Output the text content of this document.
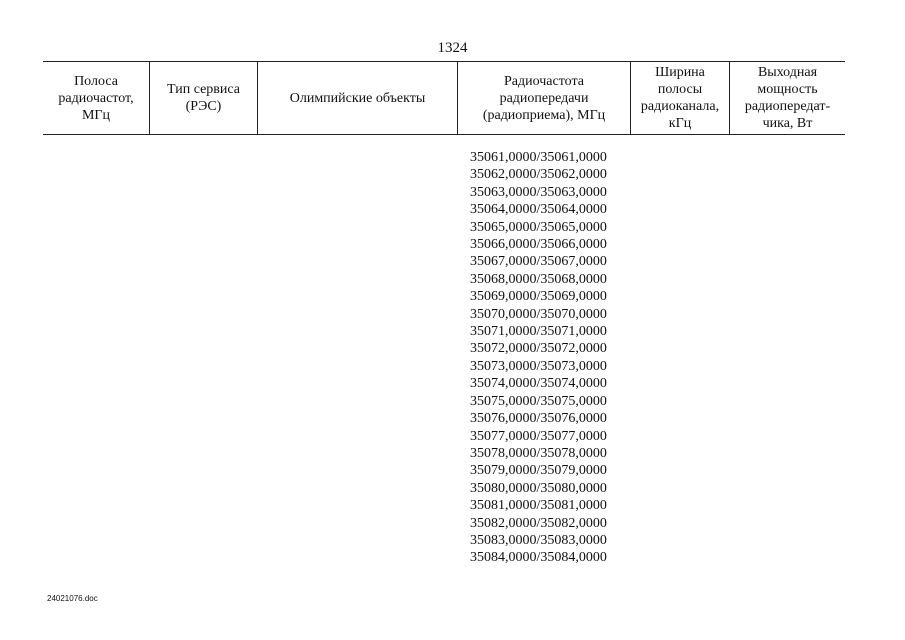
1324
Полоса
радиочастот,
МГц
Тип сервиса
(РЭС)
Олимпийские объекты
Радиочастота
радиопередачи
(радиоприема), МГц
Ширина
полосы
радиоканала,
кГц
Выходная
мощность
радиопередат-
чика, Вт
35061,0000/35061,0000
35062,0000/35062,0000
35063,0000/35063,0000
35064,0000/35064,0000
35065,0000/35065,0000
35066,0000/35066,0000
35067,0000/35067,0000
35068,0000/35068,0000
35069,0000/35069,0000
35070,0000/35070,0000
35071,0000/35071,0000
35072,0000/35072,0000
35073,0000/35073,0000
35074,0000/35074,0000
35075,0000/35075,0000
35076,0000/35076,0000
35077,0000/35077,0000
35078,0000/35078,0000
35079,0000/35079,0000
35080,0000/35080,0000
35081,0000/35081,0000
35082,0000/35082,0000
35083,0000/35083,0000
35084,0000/35084,0000
24021076.doc
